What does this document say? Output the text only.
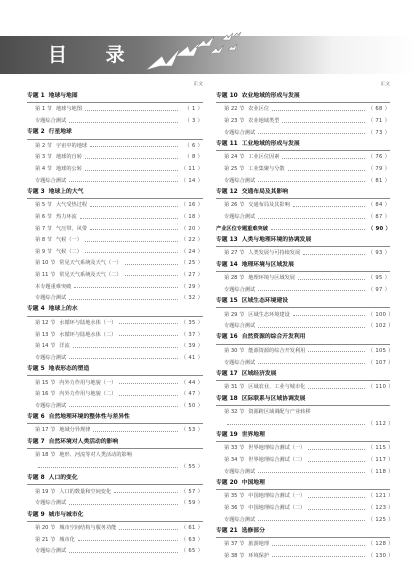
目 录
正文
专题 1 地球与地图
第 1 节 地球与地图	（ 1 ）
专题综合测试	（ 3 ）
专题 2 行星地球
第 2 节 宇宙中的地球	（ 6 ）
第 3 节 地球的自转	（ 8 ）
第 4 节 地球的公转	（ 11 ）
专题综合测试	（ 14 ）
专题 3 地球上的大气
第 5 节 大气受热过程	（ 16 ）
第 6 节 热力环流	（ 18 ）
第 7 节 气压带、风带	（ 20 ）
第 8 节 气候（一）	（ 22 ）
第 9 节 气候（二）	（ 24 ）
第 10 节 常见天气系统及天气（一）	（ 25 ）
第 11 节 常见天气系统及天气（二）	（ 27 ）
本专题重难突破	（ 29 ）
专题综合测试	（ 32 ）
专题 4 地球上的水
第 12 节 水循环与陆地水体（一）	（ 35 ）
第 13 节 水循环与陆地水体（二）	（ 37 ）
第 14 节 洋流	（ 39 ）
专题综合测试	（ 41 ）
专题 5 地表形态的塑造
第 15 节 内外力作用与地貌（一）	（ 44 ）
第 16 节 内外力作用与地貌（二）	（ 47 ）
专题综合测试	（ 50 ）
专题 6 自然地理环境的整体性与差异性
第 17 节 地域分异规律	（ 53 ）
专题 7 自然环境对人类活动的影响
第 18 节 地形、河流等对人类活动的影响
（ 55 ）
专题 8 人口的变化
第 19 节 人口的数量和空间变化	（ 57 ）
专题综合测试	（ 59 ）
专题 9 城市与城市化
第 20 节 城市空间结构与服务功能	（ 61 ）
第 21 节 城市化	（ 63 ）
专题综合测试	（ 65 ）
正文
专题 10 农业地域的形成与发展
第 22 节 农业区位	（ 68 ）
第 23 节 农业地域类型	（ 71 ）
专题综合测试	（ 73 ）
专题 11 工业地域的形成与发展
第 24 节 工业区位因素	（ 76 ）
第 25 节 工业集聚与分散	（ 79 ）
专题综合测试	（ 81 ）
专题 12 交通布局及其影响
第 26 节 交通布局及其影响	（ 84 ）
专题综合测试	（ 87 ）
产业区位专题重难突破	（ 90 ）
专题 13 人类与地理环境的协调发展
第 27 节 人类发展与可持续发展	（ 93 ）
专题 14 地理环境与区域发展
第 28 节 地理环境与区域发展	（ 95 ）
专题综合测试	（ 97 ）
专题 15 区域生态环境建设
第 29 节 区域生态环境建设	（ 100 ）
专题综合测试	（ 102 ）
专题 16 自然资源的综合开发利用
第 30 节 能源资源的综合开发利用	（ 105 ）
专题综合测试	（ 107 ）
专题 17 区域经济发展
第 31 节 区域农业、工业与城市化	（ 110 ）
专题 18 区际联系与区域协调发展
第 32 节 资源跨区域调配与产业转移
（ 112 ）
专题 19 世界地理
第 33 节 世界地理综合测试（一）	（ 115 ）
第 34 节 世界地理综合测试（二）	（ 117 ）
专题综合测试	（ 118 ）
专题 20 中国地理
第 35 节 中国地理综合测试（一）	（ 121 ）
第 36 节 中国地理综合测试（二）	（ 123 ）
专题综合测试	（ 125 ）
专题 21 选修部分
第 37 节 旅游地理	（ 128 ）
第 38 节 环境保护	（ 130 ）
